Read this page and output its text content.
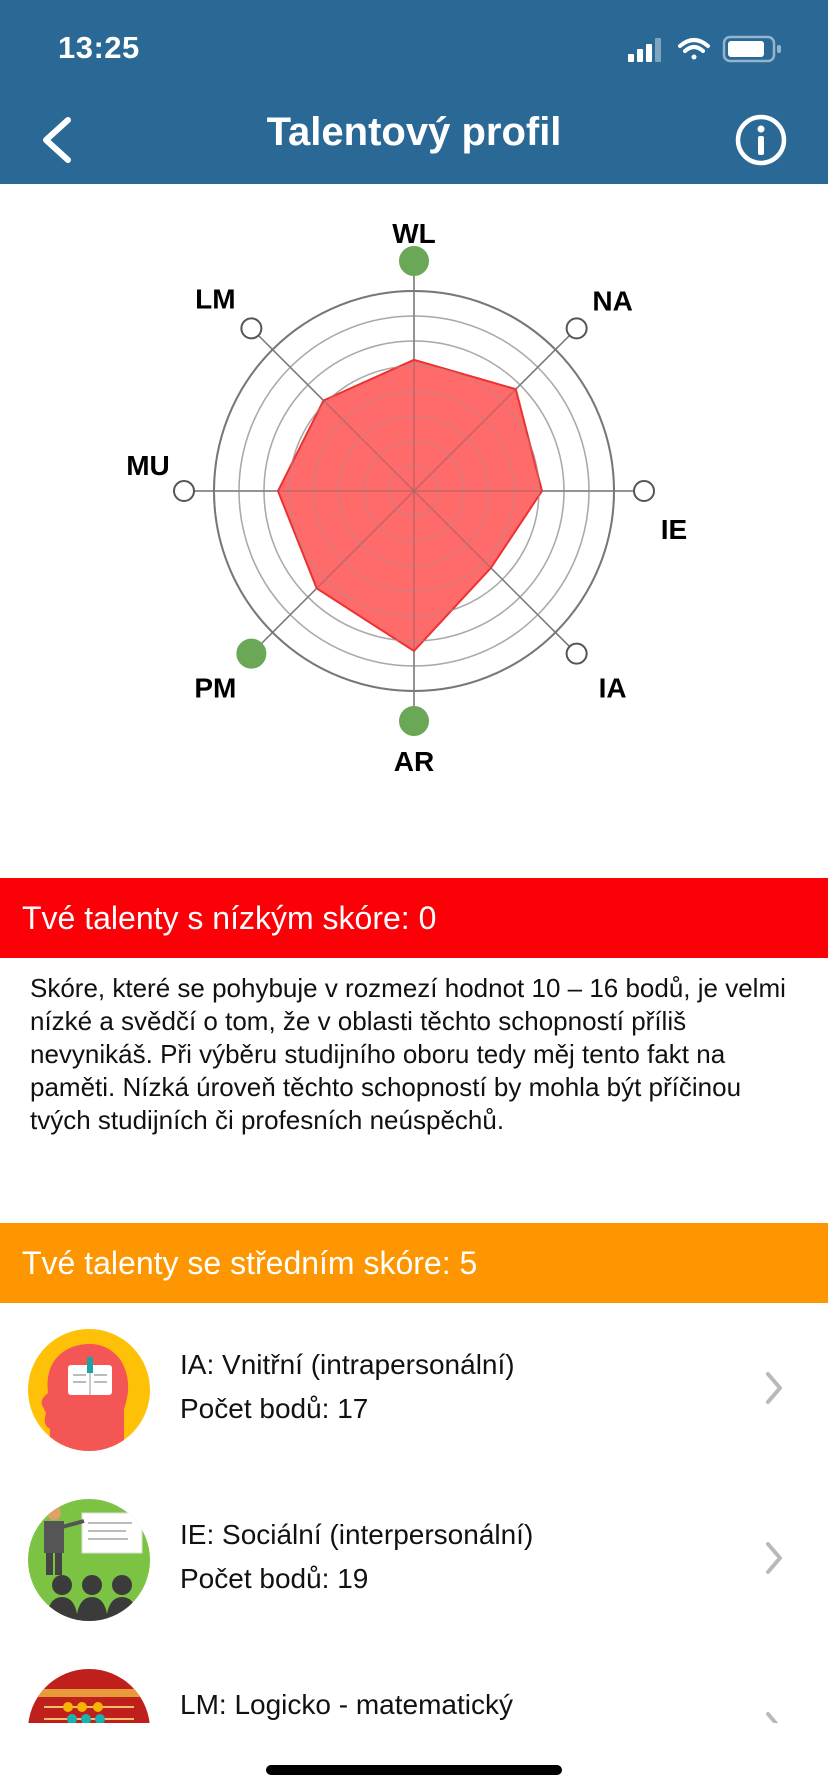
13:25
Talentový profil
WL
NA
IE
IA
AR
PM
MU
LM
Tvé talenty s nízkým skóre: 0
Skóre, které se pohybuje v rozmezí hodnot 10 – 16 bodů, je velmi nízké a svědčí o tom, že v oblasti těchto schopností příliš nevynikáš. Při výběru studijního oboru tedy měj tento fakt na paměti. Nízká úroveň těchto schopností by mohla být příčinou tvých studijních či profesních neúspěchů.
Tvé talenty se středním skóre: 5
IA: Vnitřní (intrapersonální)
Počet bodů: 17
IE: Sociální (interpersonální)
Počet bodů: 19
LM: Logicko - matematický
